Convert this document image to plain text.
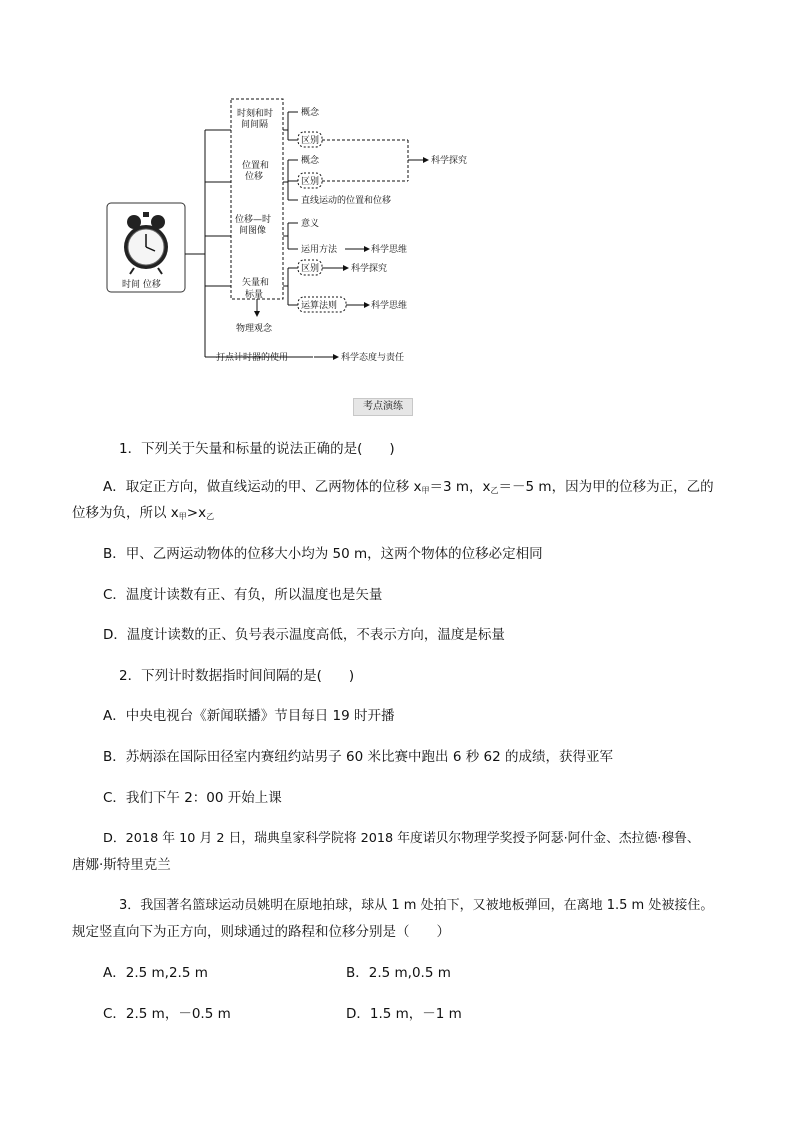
时间 位移
物理观念
时刻和时
间间隔
位置和
位移
位移—时
间图像
矢量和
标量
概念
区别
概念
区别
直线运动的位置和位移
科学探究
意义
运用方法	科学思维
区别	科学探究
运算法则	科学思维
打点计时器的使用	科学态度与责任
考点演练
1．下列关于矢量和标量的说法正确的是(　　)
A．取定正方向，做直线运动的甲、乙两物体的位移 $x_甲=3$ m，$x_乙=-5$ m，因为甲的位移为正，乙的
位移为负，所以 $x_甲>x_乙$
B．甲、乙两运动物体的位移大小均为 50 m，这两个物体的位移必定相同
C．温度计读数有正、有负，所以温度也是矢量
D．温度计读数的正、负号表示温度高低，不表示方向，温度是标量
2．下列计时数据指时间间隔的是(　　)
A．中央电视台《新闻联播》节目每日 19 时开播
B．苏炳添在国际田径室内赛纽约站男子 60 米比赛中跑出 6 秒 62 的成绩，获得亚军
C．我们下午 2：00 开始上课
D．2018 年 10 月 2 日，瑞典皇家科学院将 2018 年度诺贝尔物理学奖授予阿瑟·阿什金、杰拉德·穆鲁、
唐娜·斯特里克兰
3．我国著名篮球运动员姚明在原地拍球，球从 1 m 处拍下，又被地板弹回，在离地 1.5 m 处被接住。
规定竖直向下为正方向，则球通过的路程和位移分别是（　　）
A．2.5 m,2.5 m	B．2.5 m,0.5 m
C．2.5 m，－0.5 m	D．1.5 m，－1 m
